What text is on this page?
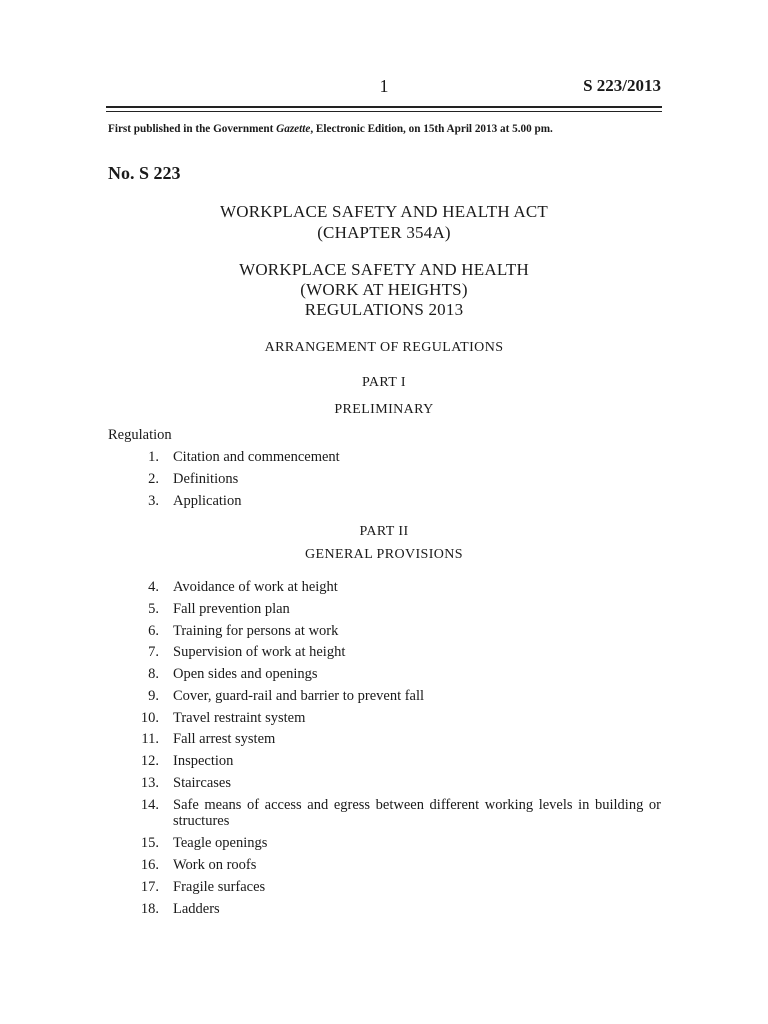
1	S 223/2013
First published in the Government Gazette, Electronic Edition, on 15th April 2013 at 5.00 pm.
No. S 223
WORKPLACE SAFETY AND HEALTH ACT
(CHAPTER 354A)
WORKPLACE SAFETY AND HEALTH
(WORK AT HEIGHTS)
REGULATIONS 2013
ARRANGEMENT OF REGULATIONS
PART I
PRELIMINARY
Regulation
1. Citation and commencement
2. Definitions
3. Application
PART II
GENERAL PROVISIONS
4. Avoidance of work at height
5. Fall prevention plan
6. Training for persons at work
7. Supervision of work at height
8. Open sides and openings
9. Cover, guard-rail and barrier to prevent fall
10. Travel restraint system
11. Fall arrest system
12. Inspection
13. Staircases
14. Safe means of access and egress between different working levels in building or structures
15. Teagle openings
16. Work on roofs
17. Fragile surfaces
18. Ladders
